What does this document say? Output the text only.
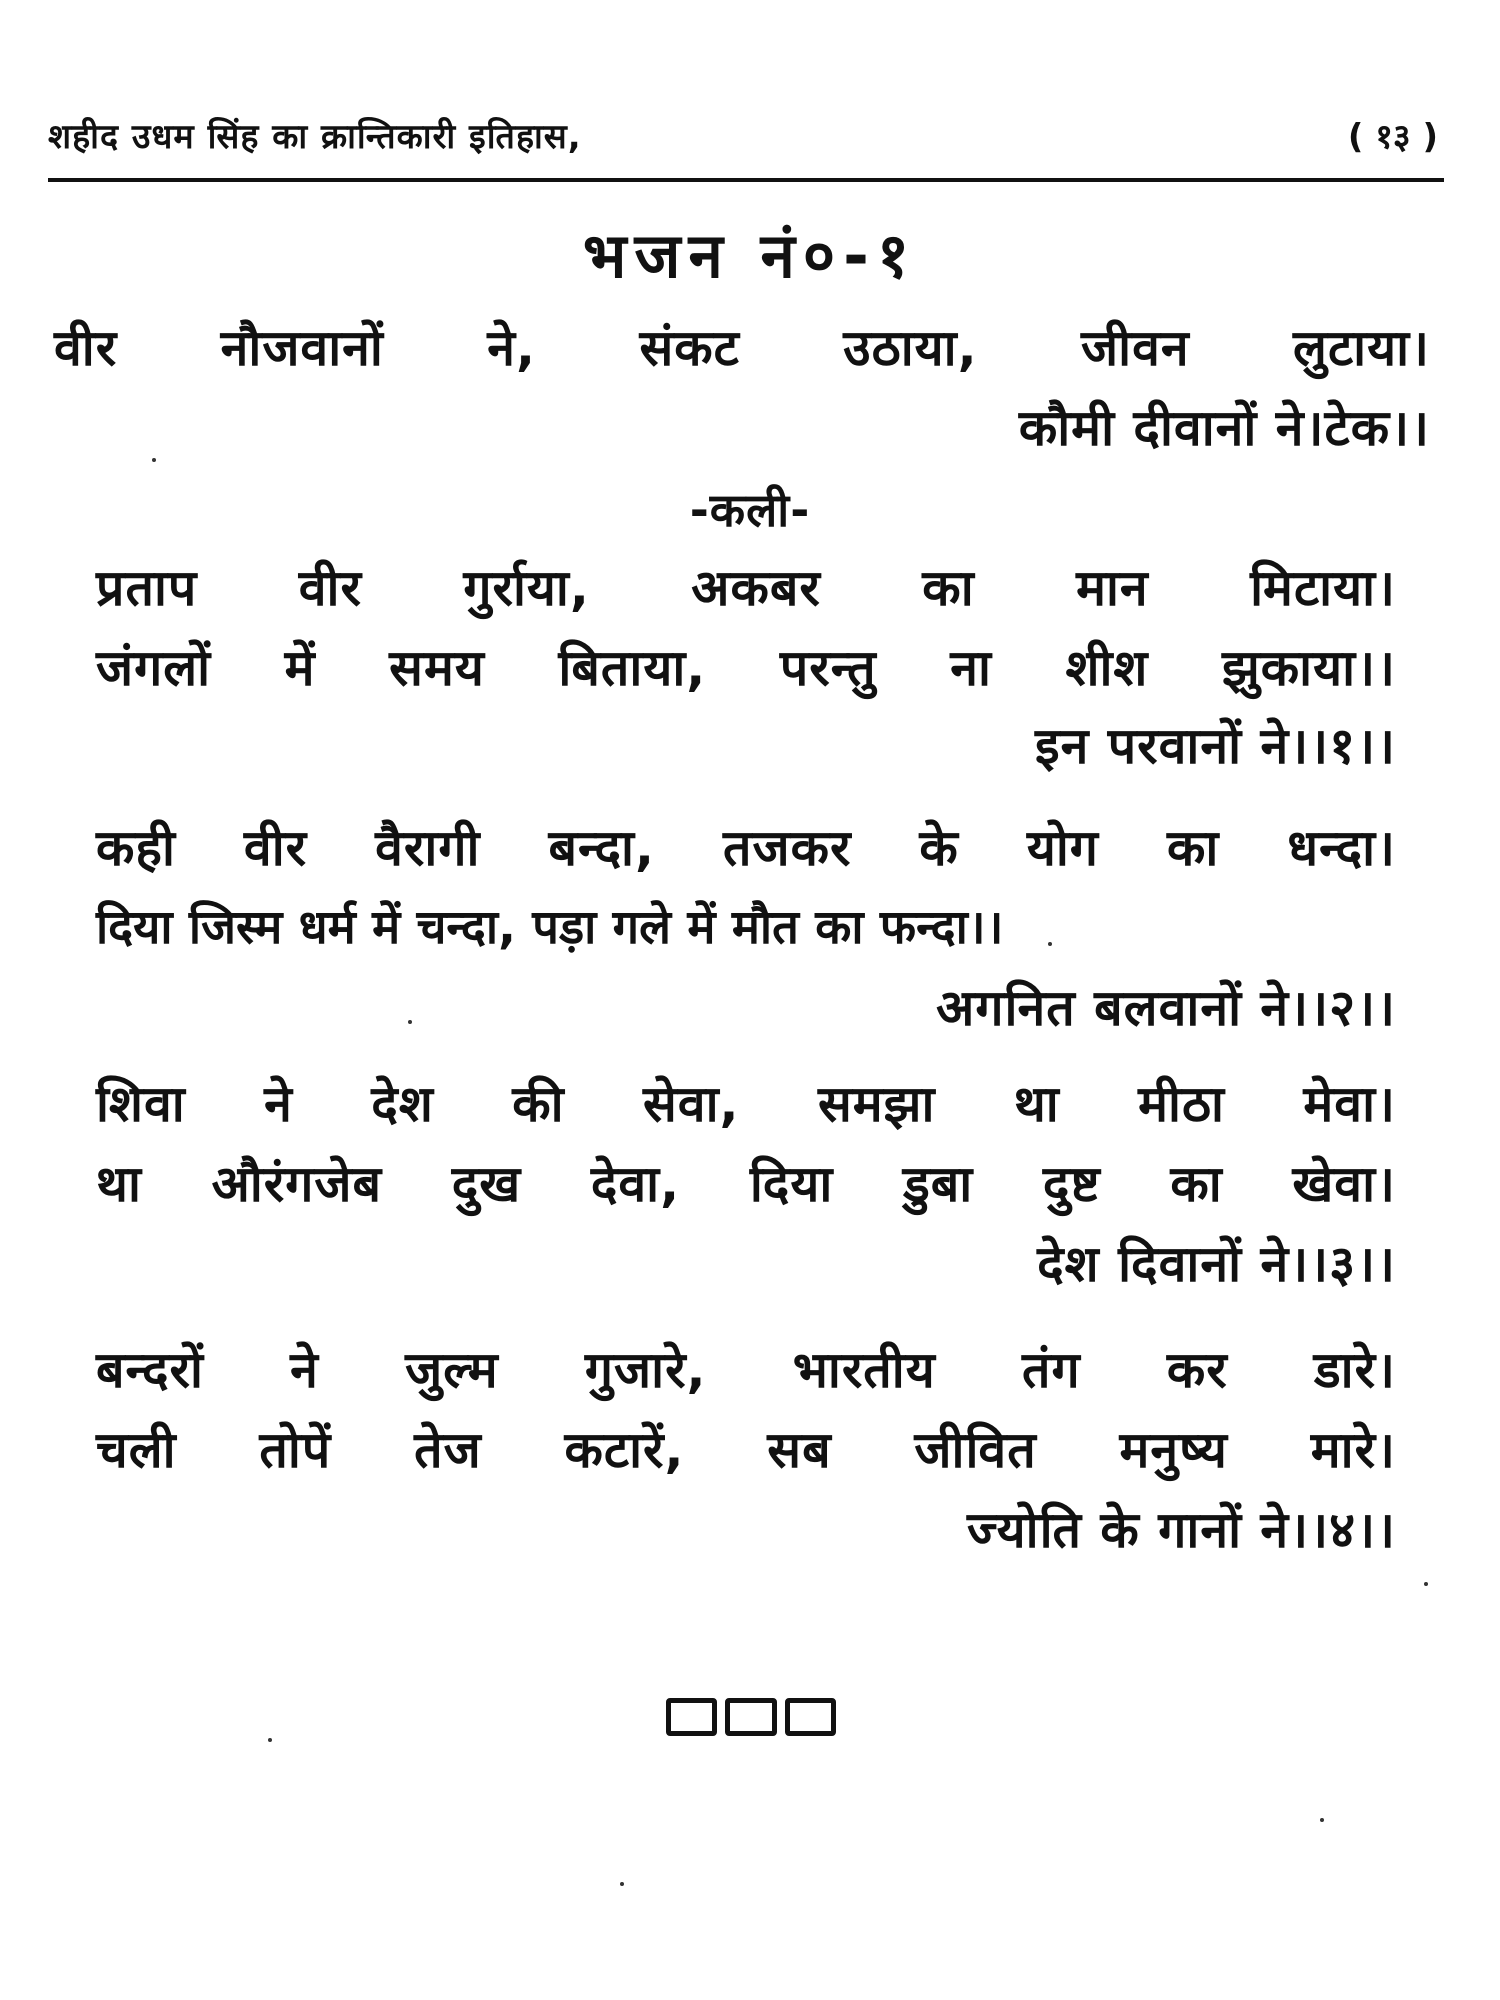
शहीद उधम सिंह का क्रान्तिकारी इतिहास,	( १३ )
भजन नं०-१
वीर नौजवानों ने, संकट उठाया, जीवन लुटाया।
कौमी दीवानों ने।टेक।।
-कली-
प्रताप वीर गुर्राया, अकबर का मान मिटाया।
जंगलों में समय बिताया, परन्तु ना शीश झुकाया।।
इन परवानों ने।।१।।
कही वीर वैरागी बन्दा, तजकर के योग का धन्दा।
दिया जिस्म धर्म में चन्दा, पड़ा गले में मौत का फन्दा।।
अगनित बलवानों ने।।२।।
शिवा ने देश की सेवा, समझा था मीठा मेवा।
था औरंगजेब दुख देवा, दिया डुबा दुष्ट का खेवा।
देश दिवानों ने।।३।।
बन्दरों ने जुल्म गुजारे, भारतीय तंग कर डारे।
चली तोपें तेज कटारें, सब जीवित मनुष्य मारे।
ज्योति के गानों ने।।४।।
